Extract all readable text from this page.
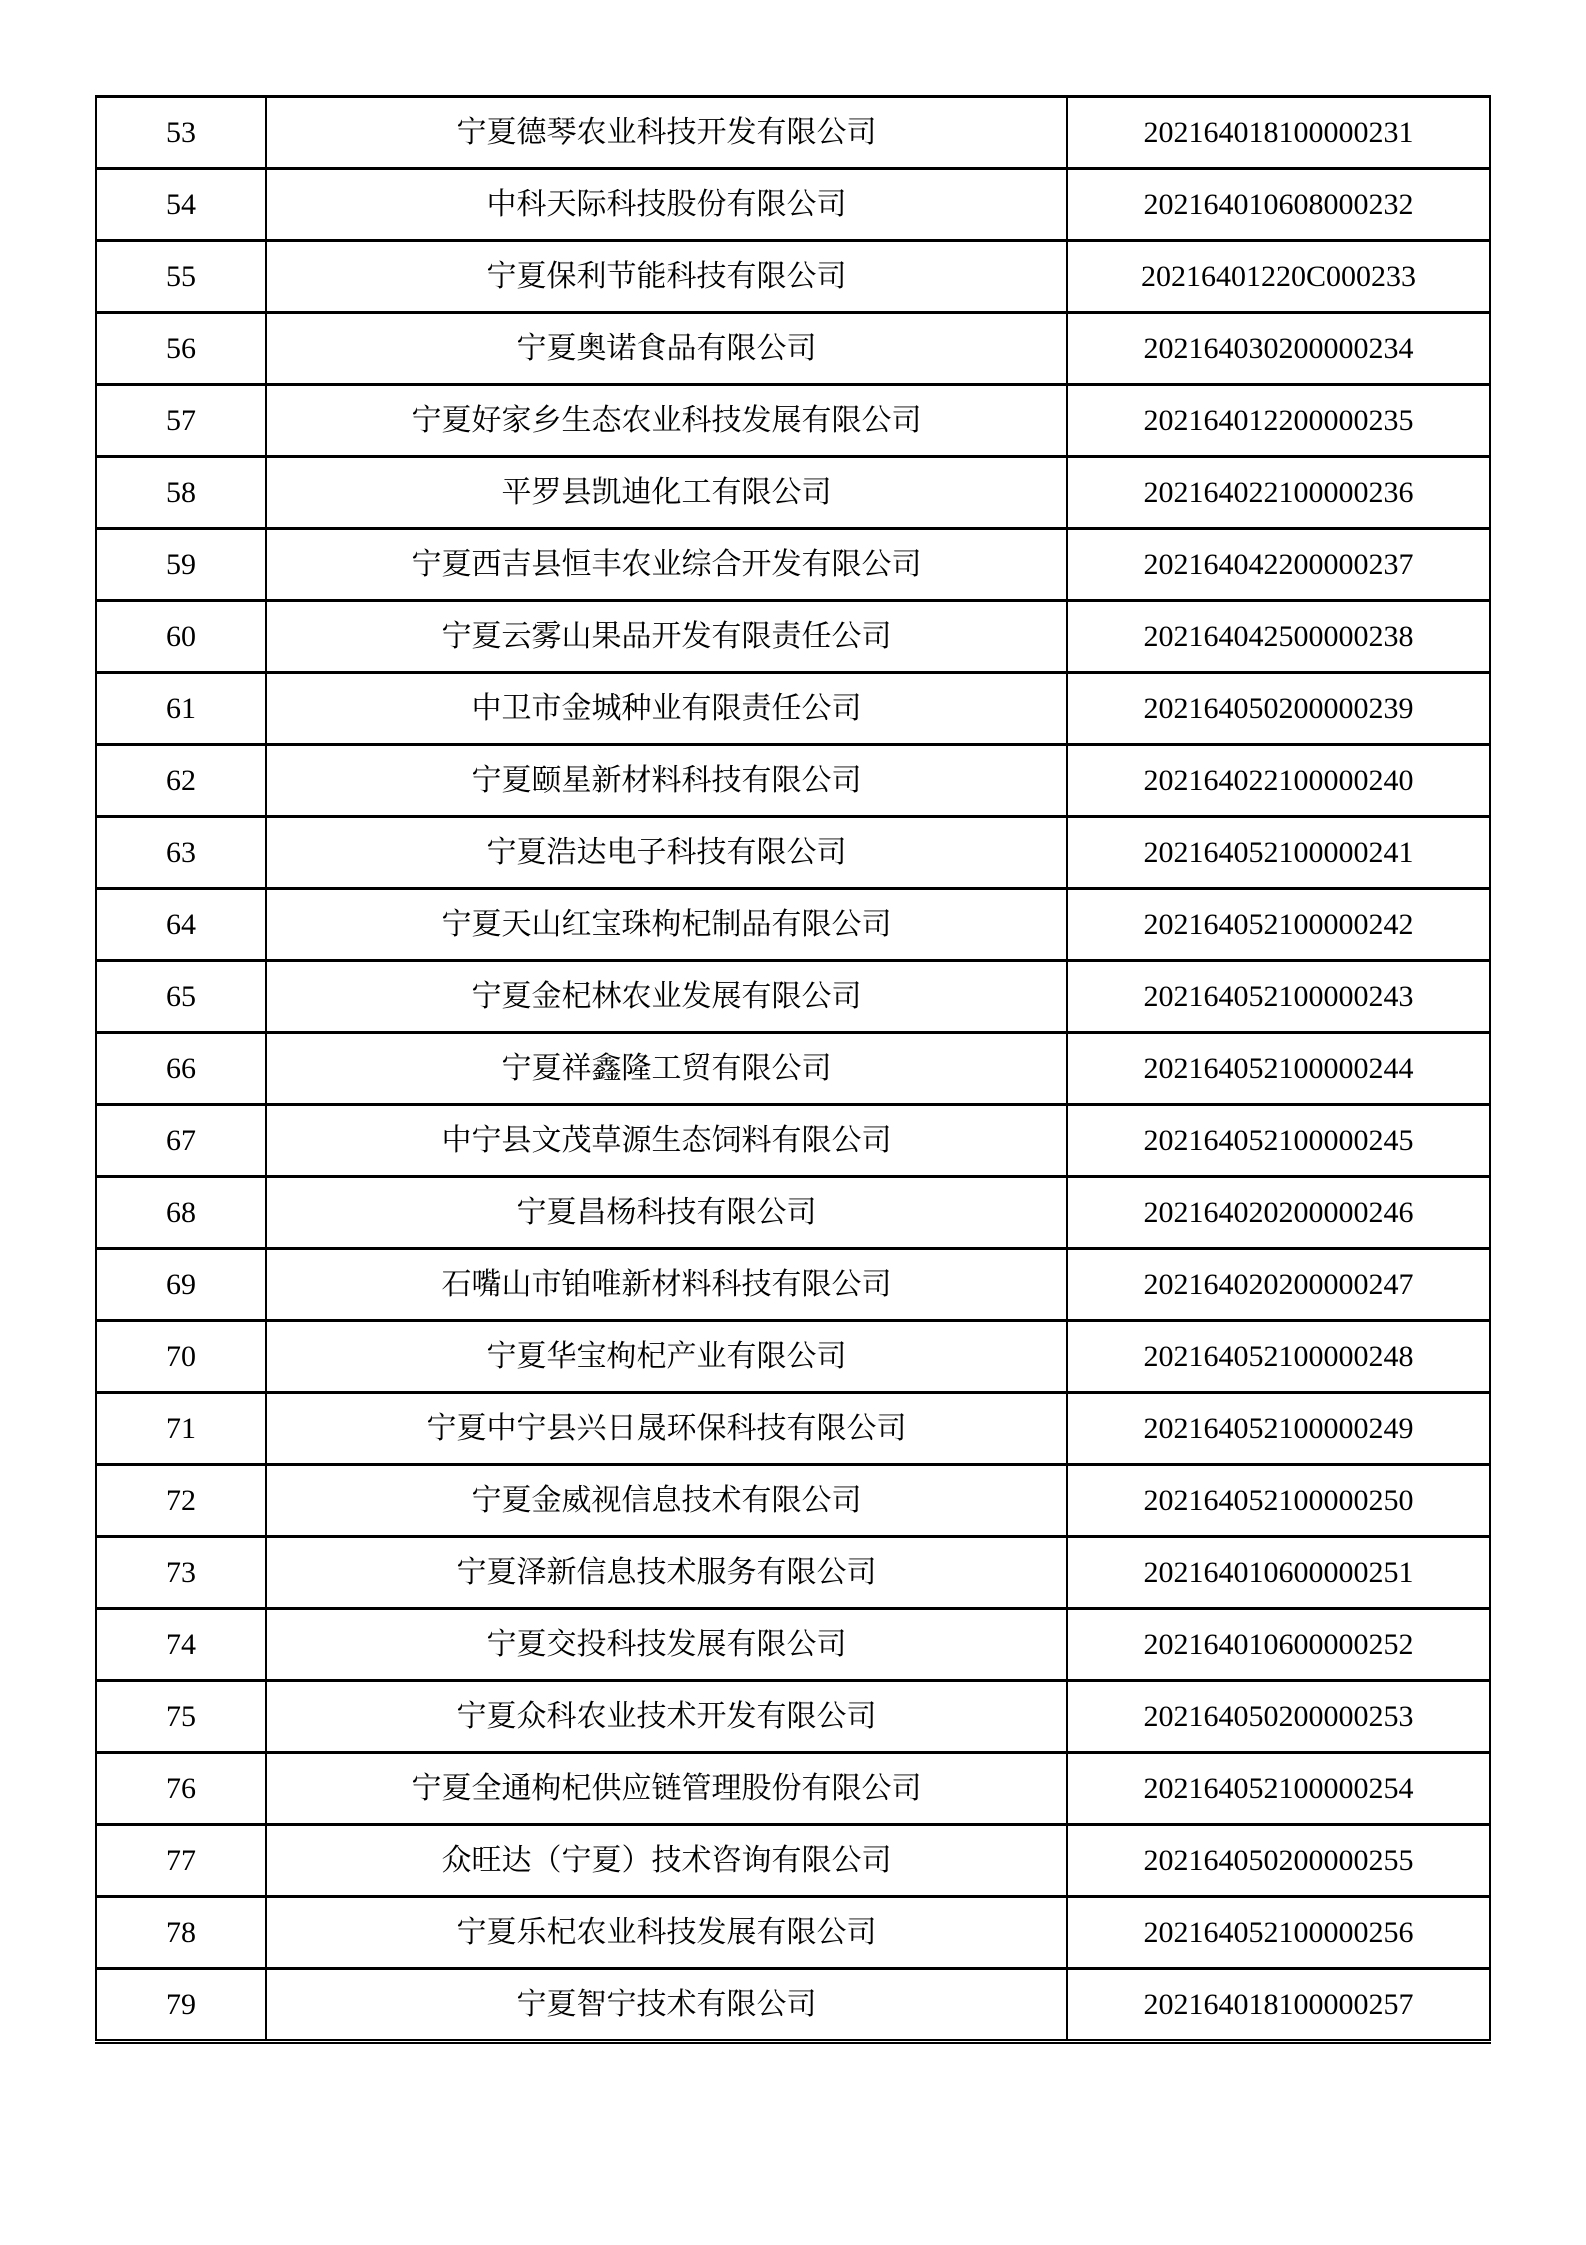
53	宁夏德琴农业科技开发有限公司	202164018100000231
54	中科天际科技股份有限公司	202164010608000232
55	宁夏保利节能科技有限公司	20216401220C000233
56	宁夏奥诺食品有限公司	202164030200000234
57	宁夏好家乡生态农业科技发展有限公司	202164012200000235
58	平罗县凯迪化工有限公司	202164022100000236
59	宁夏西吉县恒丰农业综合开发有限公司	202164042200000237
60	宁夏云雾山果品开发有限责任公司	202164042500000238
61	中卫市金城种业有限责任公司	202164050200000239
62	宁夏颐星新材料科技有限公司	202164022100000240
63	宁夏浩达电子科技有限公司	202164052100000241
64	宁夏天山红宝珠枸杞制品有限公司	202164052100000242
65	宁夏金杞林农业发展有限公司	202164052100000243
66	宁夏祥鑫隆工贸有限公司	202164052100000244
67	中宁县文茂草源生态饲料有限公司	202164052100000245
68	宁夏昌杨科技有限公司	202164020200000246
69	石嘴山市铂唯新材料科技有限公司	202164020200000247
70	宁夏华宝枸杞产业有限公司	202164052100000248
71	宁夏中宁县兴日晟环保科技有限公司	202164052100000249
72	宁夏金威视信息技术有限公司	202164052100000250
73	宁夏泽新信息技术服务有限公司	202164010600000251
74	宁夏交投科技发展有限公司	202164010600000252
75	宁夏众科农业技术开发有限公司	202164050200000253
76	宁夏全通枸杞供应链管理股份有限公司	202164052100000254
77	众旺达（宁夏）技术咨询有限公司	202164050200000255
78	宁夏乐杞农业科技发展有限公司	202164052100000256
79	宁夏智宁技术有限公司	202164018100000257
